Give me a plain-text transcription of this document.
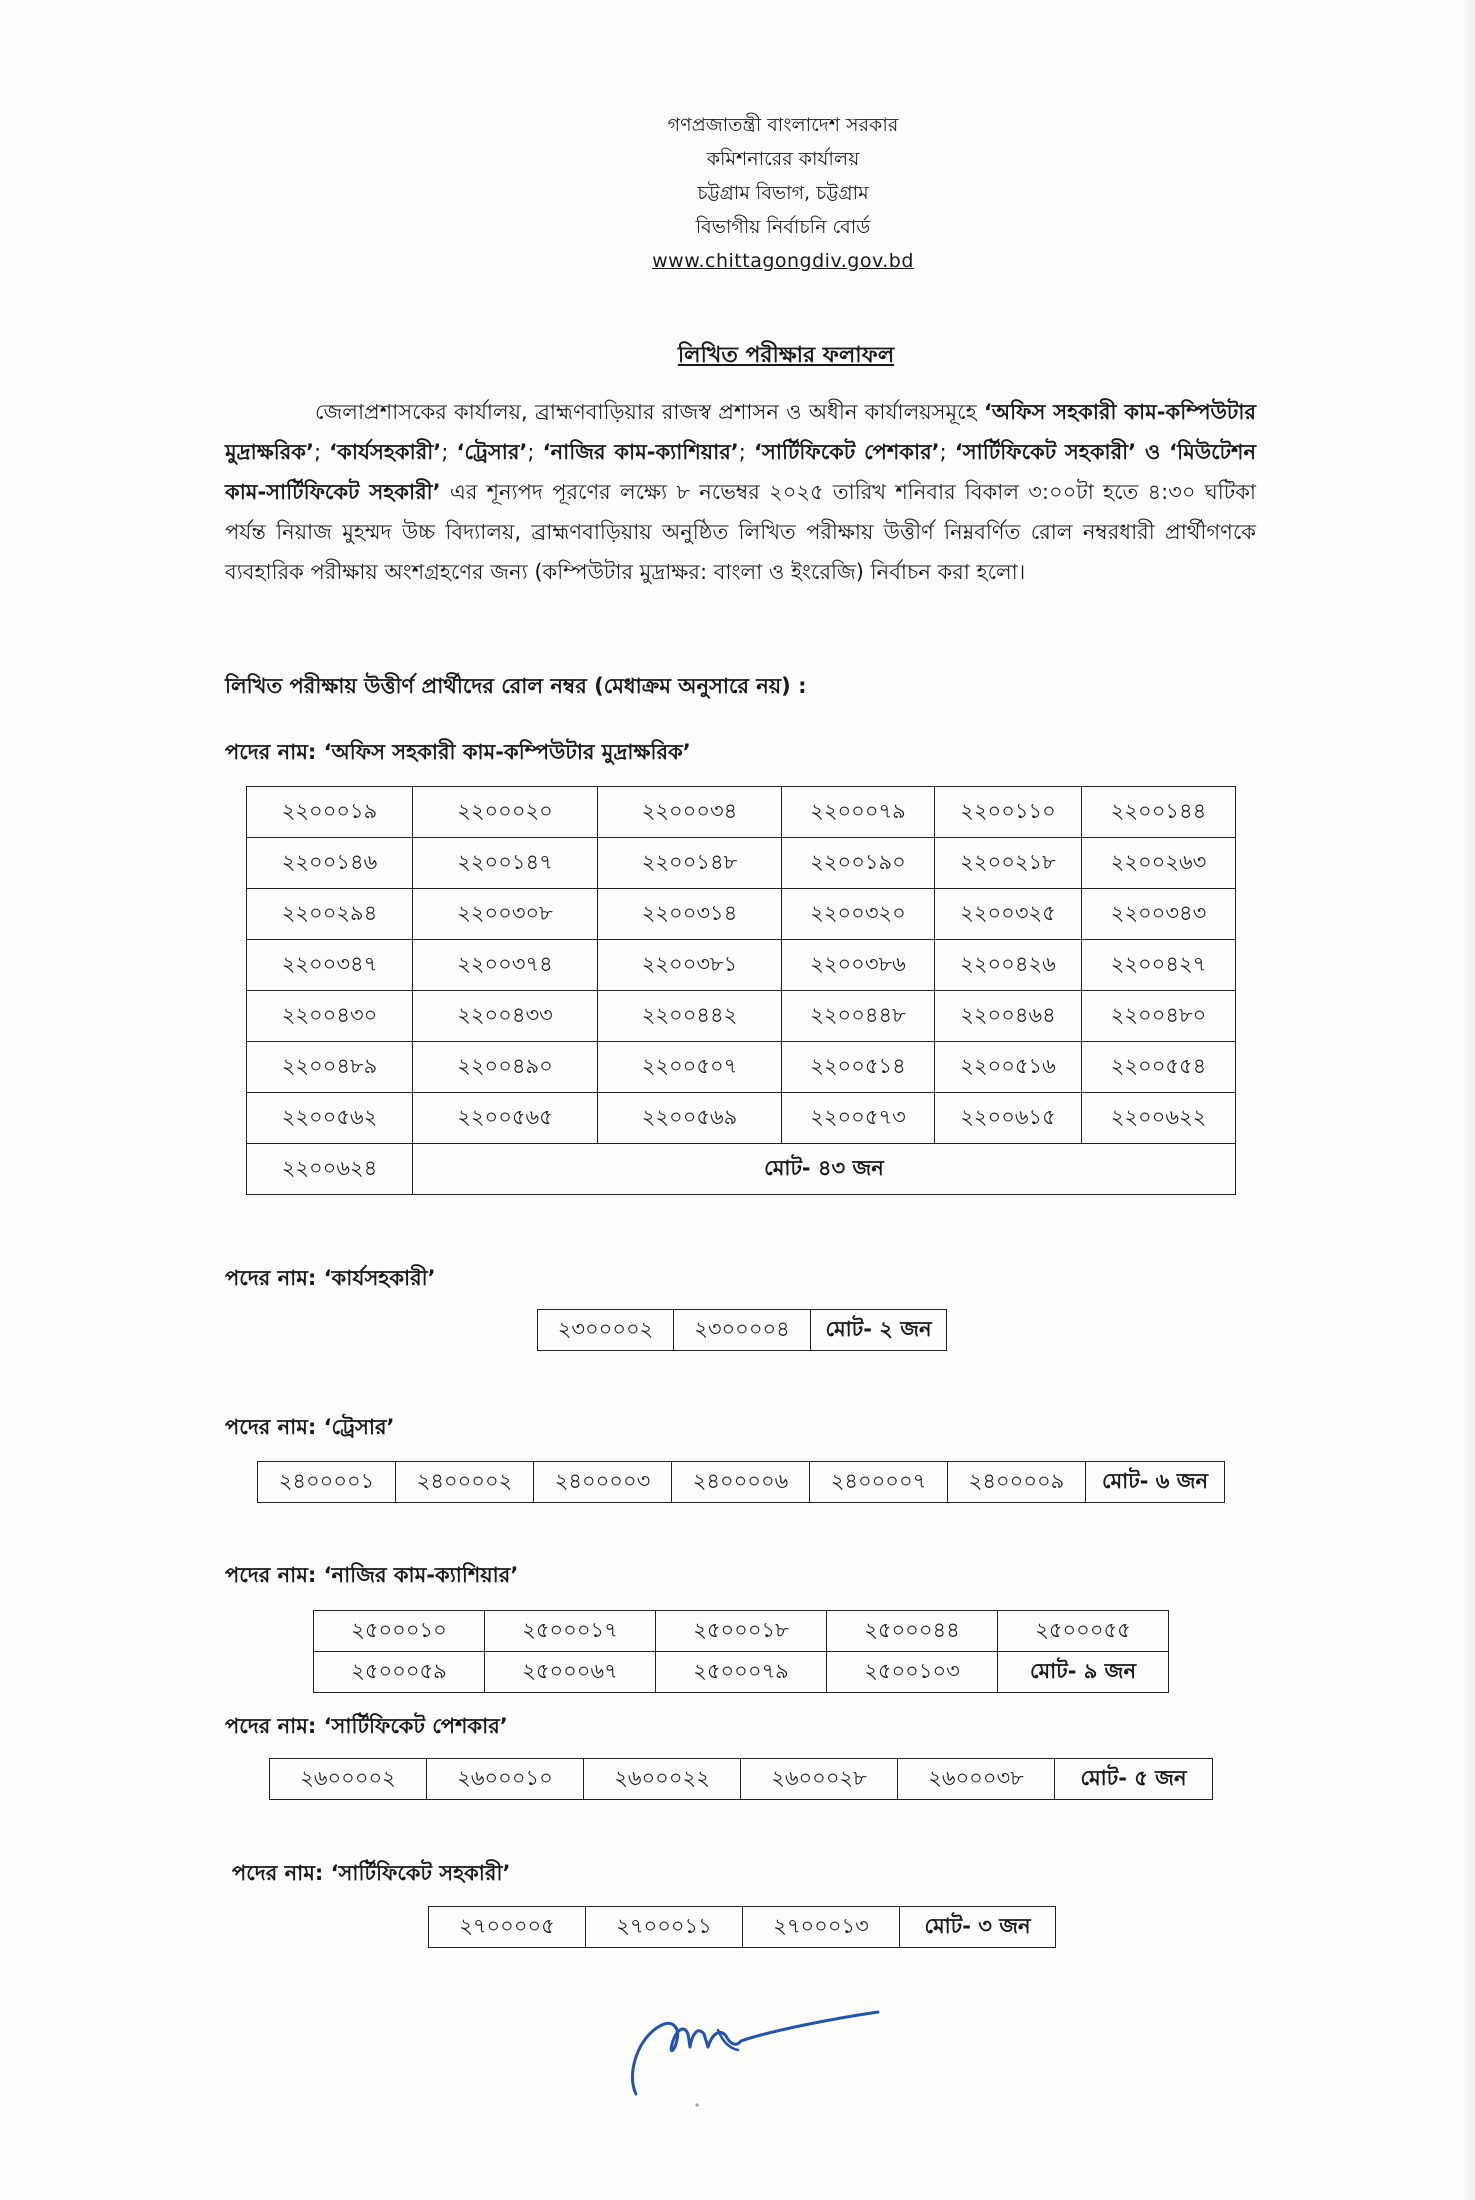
গণপ্রজাতন্ত্রী বাংলাদেশ সরকার
কমিশনারের কার্যালয়
চট্টগ্রাম বিভাগ, চট্টগ্রাম
বিভাগীয় নির্বাচনি বোর্ড
www.chittagongdiv.gov.bd
লিখিত পরীক্ষার ফলাফল

জেলাপ্রশাসকের কার্যালয়, ব্রাহ্মণবাড়িয়ার রাজস্ব প্রশাসন ও অধীন কার্যালয়সমূহে ‘অফিস সহকারী কাম-কম্পিউটার মুদ্রাক্ষরিক’; ‘কার্যসহকারী’; ‘ট্রেসার’; ‘নাজির কাম-ক্যাশিয়ার’; ‘সার্টিফিকেট পেশকার’; ‘সার্টিফিকেট সহকারী’ ও ‘মিউটেশন কাম-সার্টিফিকেট সহকারী’ এর শূন্যপদ পূরণের লক্ষ্যে ৮ নভেম্বর ২০২৫ তারিখ শনিবার বিকাল ৩:০০টা হতে ৪:৩০ ঘটিকা পর্যন্ত নিয়াজ মুহম্মদ উচ্চ বিদ্যালয়, ব্রাহ্মণবাড়িয়ায় অনুষ্ঠিত লিখিত পরীক্ষায় উত্তীর্ণ নিম্নবর্ণিত রোল নম্বরধারী প্রার্থীগণকে ব্যবহারিক পরীক্ষায় অংশগ্রহণের জন্য (কম্পিউটার মুদ্রাক্ষর: বাংলা ও ইংরেজি) নির্বাচন করা হলো।

লিখিত পরীক্ষায় উত্তীর্ণ প্রার্থীদের রোল নম্বর (মেধাক্রম অনুসারে নয়) :
পদের নাম: ‘অফিস সহকারী কাম-কম্পিউটার মুদ্রাক্ষরিক’
২২০০০১৯	২২০০০২০	২২০০০৩৪	২২০০০৭৯	২২০০১১০	২২০০১৪৪
২২০০১৪৬	২২০০১৪৭	২২০০১৪৮	২২০০১৯০	২২০০২১৮	২২০০২৬৩
২২০০২৯৪	২২০০৩০৮	২২০০৩১৪	২২০০৩২০	২২০০৩২৫	২২০০৩৪৩
২২০০৩৪৭	২২০০৩৭৪	২২০০৩৮১	২২০০৩৮৬	২২০০৪২৬	২২০০৪২৭
২২০০৪৩০	২২০০৪৩৩	২২০০৪৪২	২২০০৪৪৮	২২০০৪৬৪	২২০০৪৮০
২২০০৪৮৯	২২০০৪৯০	২২০০৫০৭	২২০০৫১৪	২২০০৫১৬	২২০০৫৫৪
২২০০৫৬২	২২০০৫৬৫	২২০০৫৬৯	২২০০৫৭৩	২২০০৬১৫	২২০০৬২২
২২০০৬২৪	মোট- ৪৩ জন				
পদের নাম: ‘কার্যসহকারী’
২৩০০০০২	২৩০০০০৪	মোট- ২ জন
পদের নাম: ‘ট্রেসার’
২৪০০০০১	২৪০০০০২	২৪০০০০৩	২৪০০০০৬	২৪০০০০৭	২৪০০০০৯	মোট- ৬ জন
পদের নাম: ‘নাজির কাম-ক্যাশিয়ার’
২৫০০০১০	২৫০০০১৭	২৫০০০১৮	২৫০০০৪৪	২৫০০০৫৫
২৫০০০৫৯	২৫০০০৬৭	২৫০০০৭৯	২৫০০১০৩	মোট- ৯ জন
পদের নাম: ‘সার্টিফিকেট পেশকার’
২৬০০০০২	২৬০০০১০	২৬০০০২২	২৬০০০২৮	২৬০০০৩৮	মোট- ৫ জন
পদের নাম: ‘সার্টিফিকেট সহকারী’
২৭০০০০৫	২৭০০০১১	২৭০০০১৩	মোট- ৩ জন
